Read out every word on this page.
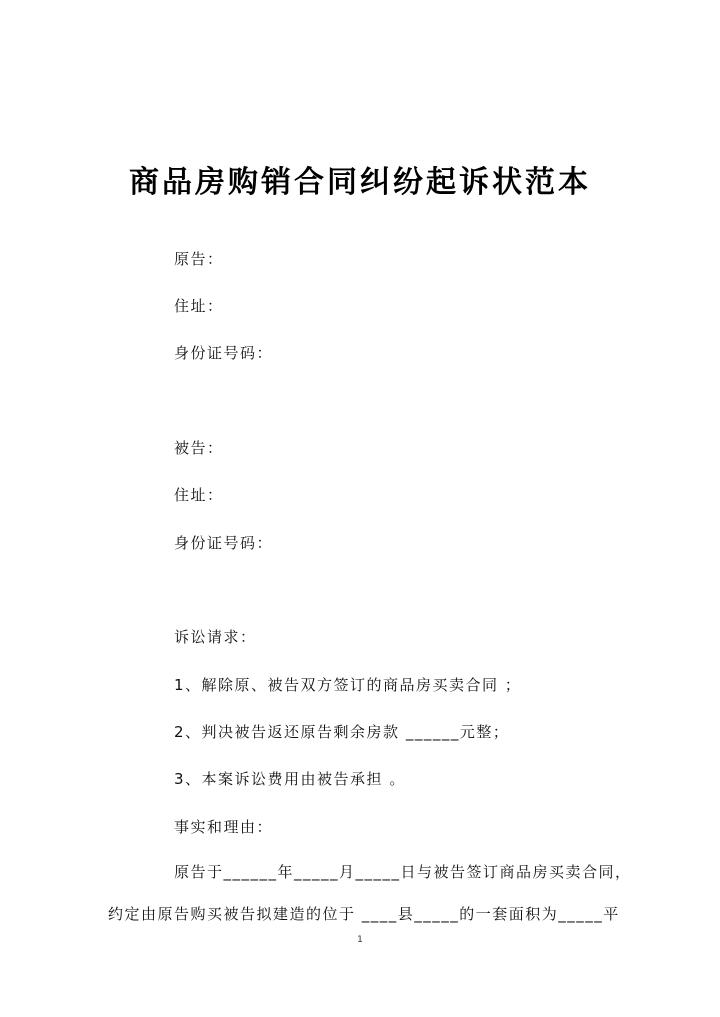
商品房购销合同纠纷起诉状范本
原告：
住址：
身份证号码：
被告：
住址：
身份证号码：
诉讼请求：
1、解除原、被告双方签订的商品房买卖合同 ；
2、判决被告返还原告剩余房款 ______元整；
3、本案诉讼费用由被告承担 。
事实和理由：
原告于______年_____月_____日与被告签订商品房买卖合同，
约定由原告购买被告拟建造的位于 ____县_____的一套面积为_____平
1
